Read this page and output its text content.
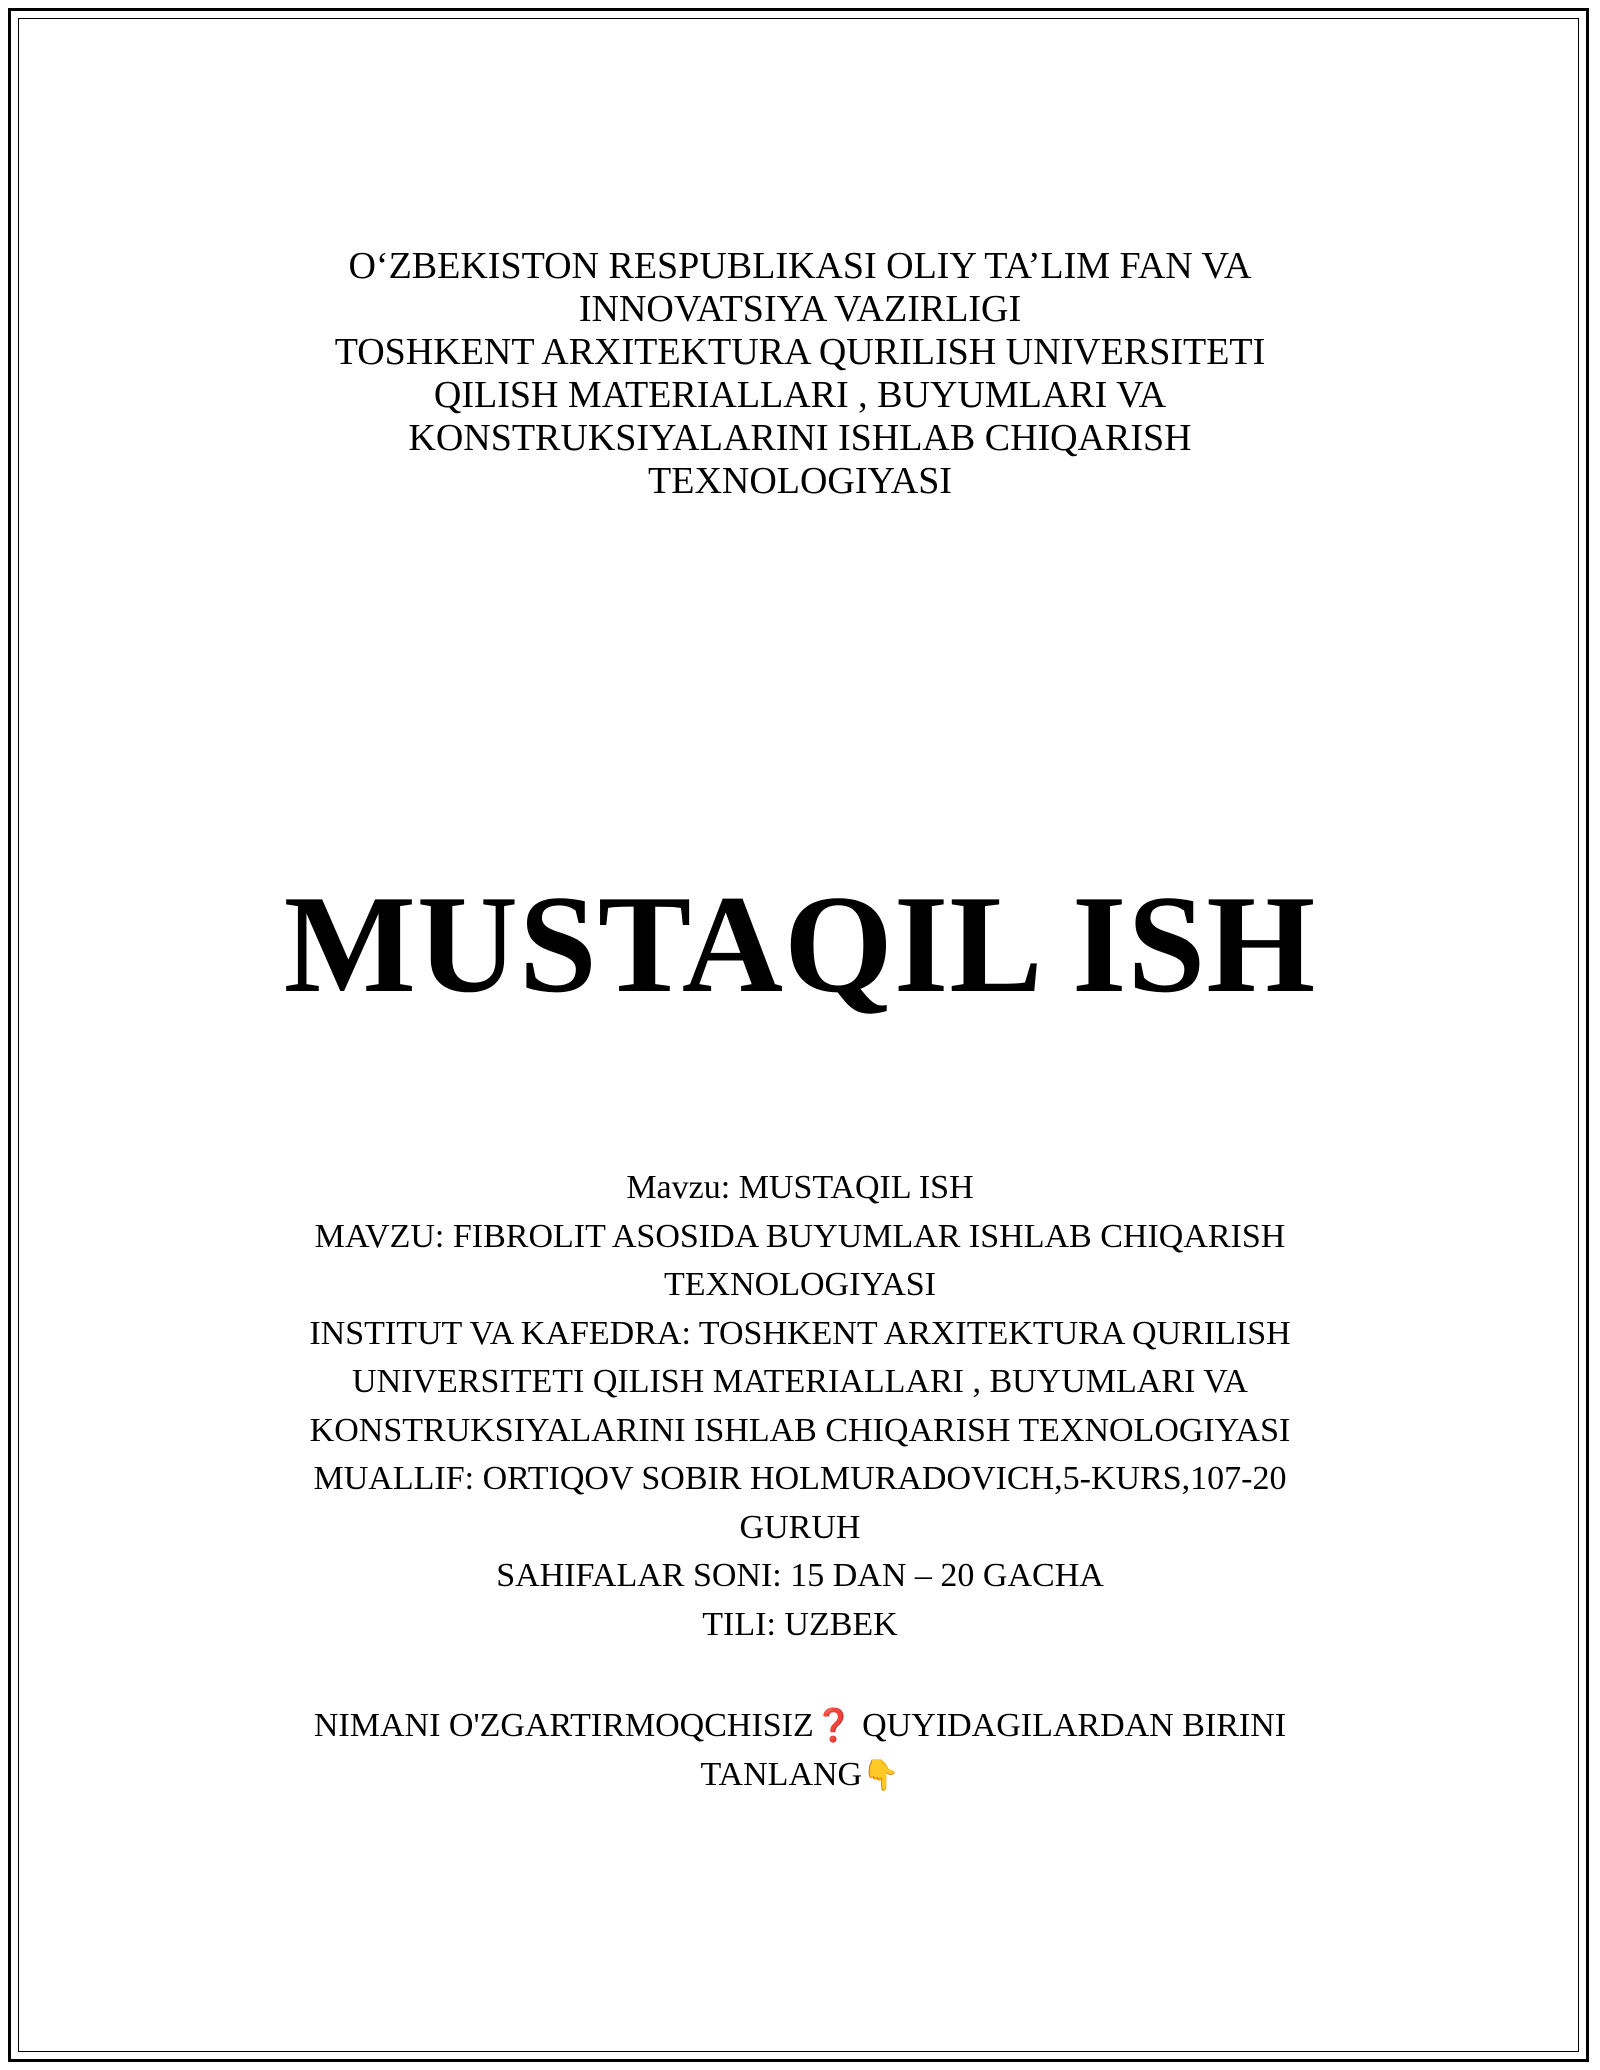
O‘ZBEKISTON RESPUBLIKASI OLIY TA’LIM FAN VA
INNOVATSIYA VAZIRLIGI
TOSHKENT ARXITEKTURA QURILISH UNIVERSITETI
QILISH MATERIALLARI , BUYUMLARI VA
KONSTRUKSIYALARINI ISHLAB CHIQARISH
TEXNOLOGIYASI
MUSTAQIL ISH
Mavzu: MUSTAQIL ISH
MAVZU: FIBROLIT ASOSIDA BUYUMLAR ISHLAB CHIQARISH
TEXNOLOGIYASI
INSTITUT VA KAFEDRA: TOSHKENT ARXITEKTURA QURILISH
UNIVERSITETI QILISH MATERIALLARI , BUYUMLARI VA
KONSTRUKSIYALARINI ISHLAB CHIQARISH TEXNOLOGIYASI
MUALLIF: ORTIQOV SOBIR HOLMURADOVICH,5-KURS,107-20
GURUH
SAHIFALAR SONI: 15 DAN – 20 GACHA
TILI: UZBEK
NIMANI O'ZGARTIRMOQCHISIZ❓ QUYIDAGILARDAN BIRINI
TANLANG👇
